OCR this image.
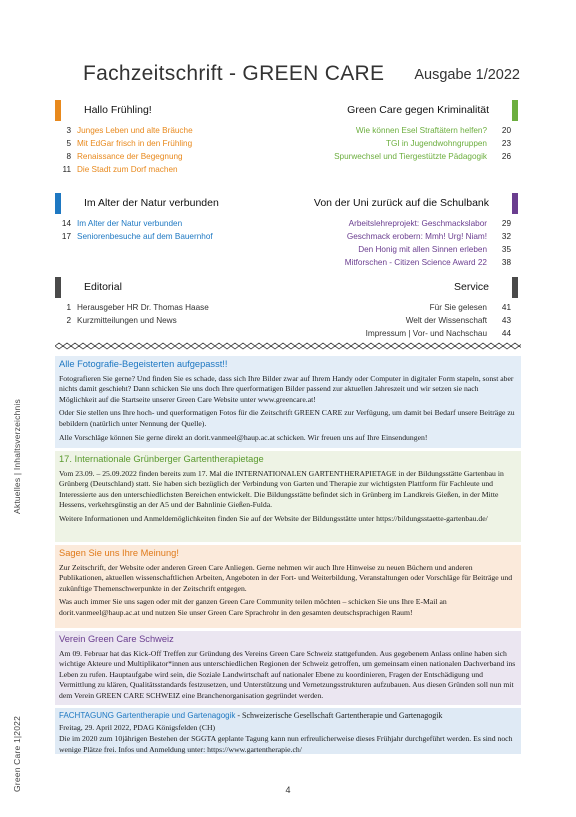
Aktuelles | Inhaltsverzeichnis
Green Care 1|2022
Fachzeitschrift - GREEN CARE Ausgabe 1/2022
Hallo Frühling!
3 Junges Leben und alte Bräuche
5 Mit EdGar frisch in den Frühling
8 Renaissance der Begegnung
11 Die Stadt zum Dorf machen
Green Care gegen Kriminalität
Wie können Esel Straftätern helfen?	20
TGI in Jugendwohngruppen	23
Spurwechsel und Tiergestützte Pädagogik	26
Im Alter der Natur verbunden
14 Im Alter der Natur verbunden
17 Seniorenbesuche auf dem Bauernhof
Von der Uni zurück auf die Schulbank
Arbeitslehreprojekt: Geschmackslabor	29
Geschmack erobern: Mmh! Urg! Niam!	32
Den Honig mit allen Sinnen erleben	35
Mitforschen - Citizen Science Award 22	38
Editorial
1 Herausgeber HR Dr. Thomas Haase
2 Kurzmitteilungen und News
Service
Für Sie gelesen	41
Welt der Wissenschaft	43
Impressum | Vor- und Nachschau	44
Alle Fotografie-Begeisterten aufgepasst!!

Fotografieren Sie gerne? Und finden Sie es schade, dass sich Ihre Bilder zwar auf Ihrem Handy oder Computer in digitaler Form stapeln, sonst aber nichts damit geschieht? Dann schicken Sie uns doch Ihre querformatigen Bilder passend zur aktuellen Jahreszeit und wir setzen sie nach Möglichkeit auf die Startseite unserer Green Care Website unter www.greencare.at!

Oder Sie stellen uns Ihre hoch- und querformatigen Fotos für die Zeitschrift GREEN CARE zur Verfügung, um damit bei Bedarf unsere Beiträge zu bebildern (natürlich unter Nennung der Quelle).

Alle Vorschläge können Sie gerne direkt an dorit.vanmeel@haup.ac.at schicken. Wir freuen uns auf Ihre Einsendungen!

17. Internationale Grünberger Gartentherapietage

Vom 23.09. – 25.09.2022 finden bereits zum 17. Mal die INTERNATIONALEN GARTENTHERAPIETAGE in der Bildungsstätte Gartenbau in Grünberg (Deutschland) statt. Sie haben sich bezüglich der Verbindung von Garten und Therapie zur wichtigsten Plattform für Fachleute und Interessierte aus den unterschiedlichsten Bereichen entwickelt. Die Bildungsstätte befindet sich in Grünberg im Landkreis Gießen, in der Mitte Hessens, verkehrsgünstig an der A5 und der Bahnlinie Gießen-Fulda.

Weitere Informationen und Anmeldemöglichkeiten finden Sie auf der Website der Bildungsstätte unter https://bildungsstaette-gartenbau.de/

Sagen Sie uns Ihre Meinung!

Zur Zeitschrift, der Website oder anderen Green Care Anliegen. Gerne nehmen wir auch Ihre Hinweise zu neuen Büchern und anderen Publikationen, aktuellen wissenschaftlichen Arbeiten, Angeboten in der Fort- und Weiterbildung, Veranstaltungen oder Vorschläge für Beiträge und zukünftige Themenschwerpunkte in der Zeitschrift entgegen.

Was auch immer Sie uns sagen oder mit der ganzen Green Care Community teilen möchten – schicken Sie uns Ihre E-Mail an dorit.vanmeel@haup.ac.at und nutzen Sie unser Green Care Sprachrohr in den gesamten deutschsprachigen Raum!

Verein Green Care Schweiz

Am 09. Februar hat das Kick-Off Treffen zur Gründung des Vereins Green Care Schweiz stattgefunden. Aus gegebenem Anlass online haben sich wichtige Akteure und Multiplikator*innen aus unterschiedlichen Regionen der Schweiz getroffen, um gemeinsam einen nationalen Dachverband ins Leben zu rufen. Hauptaufgabe wird sein, die Soziale Landwirtschaft auf nationaler Ebene zu koordinieren, Fragen der Entschädigung und Vermittlung zu klären, Qualitätsstandards festzusetzen, und Unterstützung und Vernetzungsstrukturen aufzubauen. Aus diesen Gründen soll nun mit dem Verein GREEN CARE SCHWEIZ eine Branchenorganisation gegründet werden.

FACHTAGUNG Gartentherapie und Gartenagogik - Schweizerische Gesellschaft Gartentherapie und Gartenagogik

Freitag, 29. April 2022, PDAG Königsfelden (CH)

Die im 2020 zum 10jährigen Bestehen der SGGTA geplante Tagung kann nun erfreulicherweise dieses Frühjahr durchgeführt werden. Es sind noch wenige Plätze frei. Infos und Anmeldung unter: https://www.gartentherapie.ch/

4
